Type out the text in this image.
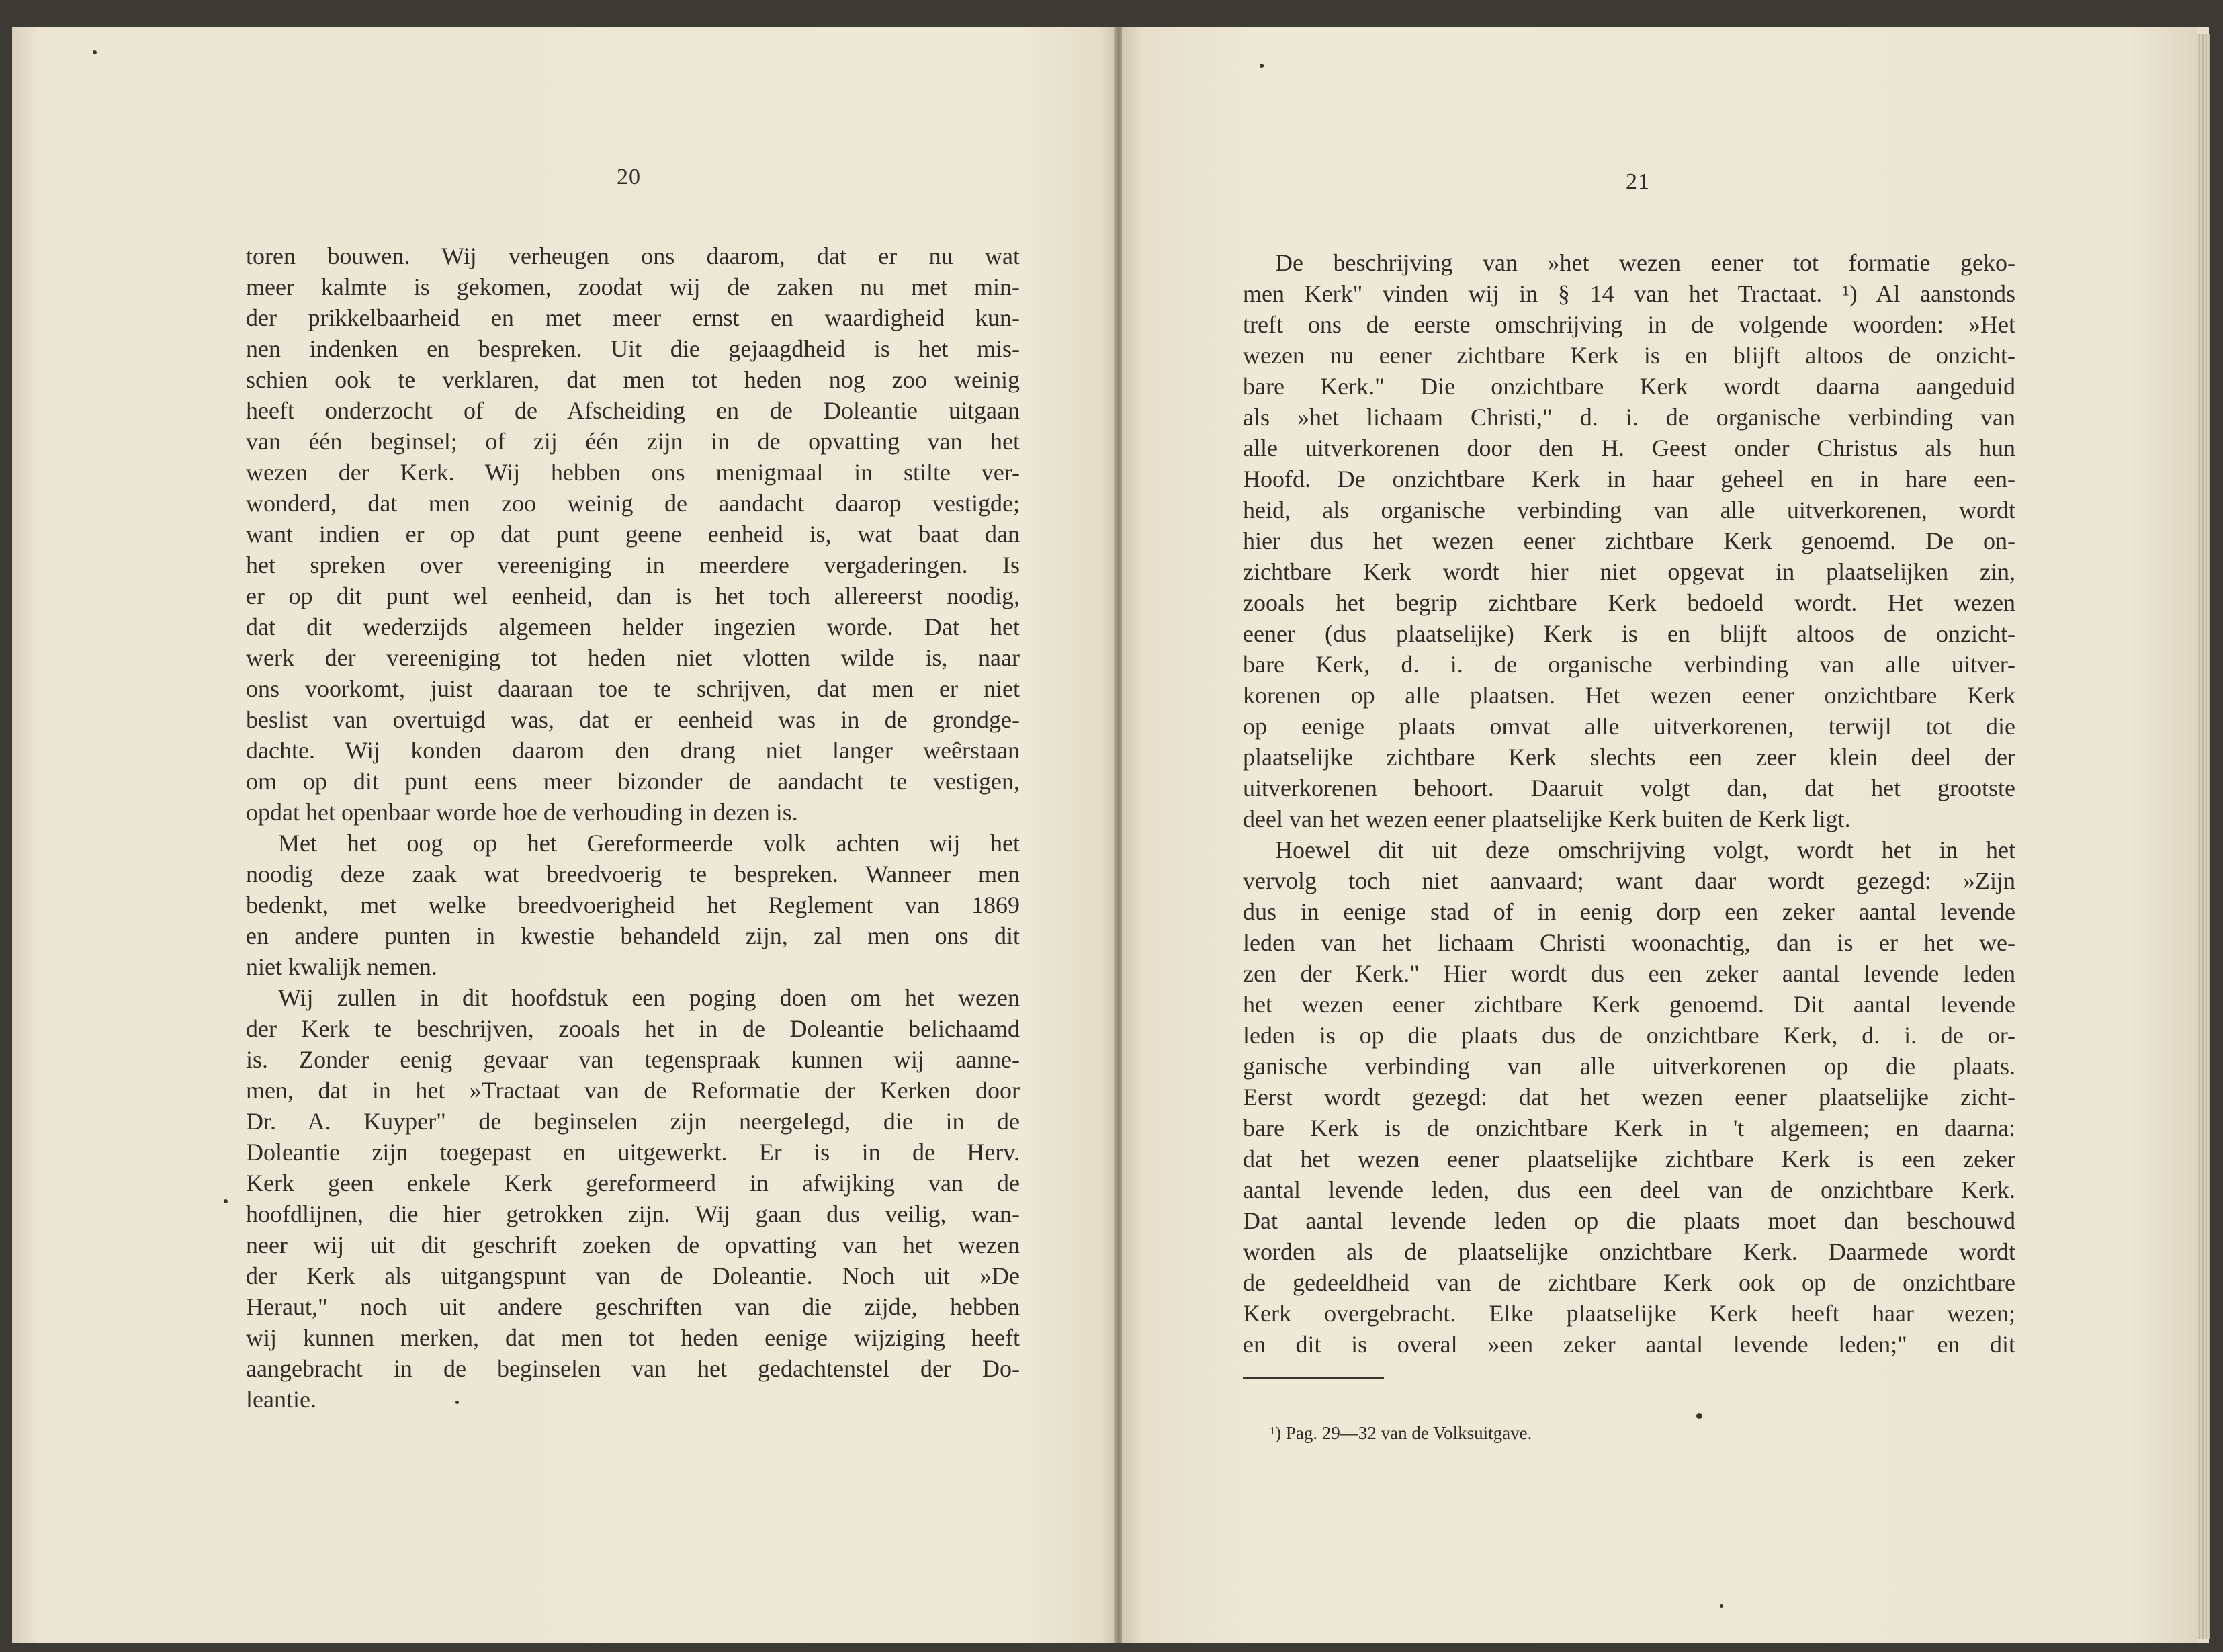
20
toren bouwen. Wij verheugen ons daarom, dat er nu wat
meer kalmte is gekomen, zoodat wij de zaken nu met min-
der prikkelbaarheid en met meer ernst en waardigheid kun-
nen indenken en bespreken. Uit die gejaagdheid is het mis-
schien ook te verklaren, dat men tot heden nog zoo weinig
heeft onderzocht of de Afscheiding en de Doleantie uitgaan
van één beginsel; of zij één zijn in de opvatting van het
wezen der Kerk. Wij hebben ons menigmaal in stilte ver-
wonderd, dat men zoo weinig de aandacht daarop vestigde;
want indien er op dat punt geene eenheid is, wat baat dan
het spreken over vereeniging in meerdere vergaderingen. Is
er op dit punt wel eenheid, dan is het toch allereerst noodig,
dat dit wederzijds algemeen helder ingezien worde. Dat het
werk der vereeniging tot heden niet vlotten wilde is, naar
ons voorkomt, juist daaraan toe te schrijven, dat men er niet
beslist van overtuigd was, dat er eenheid was in de grondge-
dachte. Wij konden daarom den drang niet langer weêrstaan
om op dit punt eens meer bizonder de aandacht te vestigen,
opdat het openbaar worde hoe de verhouding in dezen is.
Met het oog op het Gereformeerde volk achten wij het
noodig deze zaak wat breedvoerig te bespreken. Wanneer men
bedenkt, met welke breedvoerigheid het Reglement van 1869
en andere punten in kwestie behandeld zijn, zal men ons dit
niet kwalijk nemen.
Wij zullen in dit hoofdstuk een poging doen om het wezen
der Kerk te beschrijven, zooals het in de Doleantie belichaamd
is. Zonder eenig gevaar van tegenspraak kunnen wij aanne-
men, dat in het »Tractaat van de Reformatie der Kerken door
Dr. A. Kuyper" de beginselen zijn neergelegd, die in de
Doleantie zijn toegepast en uitgewerkt. Er is in de Herv.
Kerk geen enkele Kerk gereformeerd in afwijking van de
hoofdlijnen, die hier getrokken zijn. Wij gaan dus veilig, wan-
neer wij uit dit geschrift zoeken de opvatting van het wezen
der Kerk als uitgangspunt van de Doleantie. Noch uit »De
Heraut," noch uit andere geschriften van die zijde, hebben
wij kunnen merken, dat men tot heden eenige wijziging heeft
aangebracht in de beginselen van het gedachtenstel der Do-
leantie.
21
De beschrijving van »het wezen eener tot formatie geko-
men Kerk" vinden wij in § 14 van het Tractaat. ¹) Al aanstonds
treft ons de eerste omschrijving in de volgende woorden: »Het
wezen nu eener zichtbare Kerk is en blijft altoos de onzicht-
bare Kerk." Die onzichtbare Kerk wordt daarna aangeduid
als »het lichaam Christi," d. i. de organische verbinding van
alle uitverkorenen door den H. Geest onder Christus als hun
Hoofd. De onzichtbare Kerk in haar geheel en in hare een-
heid, als organische verbinding van alle uitverkorenen, wordt
hier dus het wezen eener zichtbare Kerk genoemd. De on-
zichtbare Kerk wordt hier niet opgevat in plaatselijken zin,
zooals het begrip zichtbare Kerk bedoeld wordt. Het wezen
eener (dus plaatselijke) Kerk is en blijft altoos de onzicht-
bare Kerk, d. i. de organische verbinding van alle uitver-
korenen op alle plaatsen. Het wezen eener onzichtbare Kerk
op eenige plaats omvat alle uitverkorenen, terwijl tot die
plaatselijke zichtbare Kerk slechts een zeer klein deel der
uitverkorenen behoort. Daaruit volgt dan, dat het grootste
deel van het wezen eener plaatselijke Kerk buiten de Kerk ligt.
Hoewel dit uit deze omschrijving volgt, wordt het in het
vervolg toch niet aanvaard; want daar wordt gezegd: »Zijn
dus in eenige stad of in eenig dorp een zeker aantal levende
leden van het lichaam Christi woonachtig, dan is er het we-
zen der Kerk." Hier wordt dus een zeker aantal levende leden
het wezen eener zichtbare Kerk genoemd. Dit aantal levende
leden is op die plaats dus de onzichtbare Kerk, d. i. de or-
ganische verbinding van alle uitverkorenen op die plaats.
Eerst wordt gezegd: dat het wezen eener plaatselijke zicht-
bare Kerk is de onzichtbare Kerk in 't algemeen; en daarna:
dat het wezen eener plaatselijke zichtbare Kerk is een zeker
aantal levende leden, dus een deel van de onzichtbare Kerk.
Dat aantal levende leden op die plaats moet dan beschouwd
worden als de plaatselijke onzichtbare Kerk. Daarmede wordt
de gedeeldheid van de zichtbare Kerk ook op de onzichtbare
Kerk overgebracht. Elke plaatselijke Kerk heeft haar wezen;
en dit is overal »een zeker aantal levende leden;" en dit
¹) Pag. 29—32 van de Volksuitgave.
